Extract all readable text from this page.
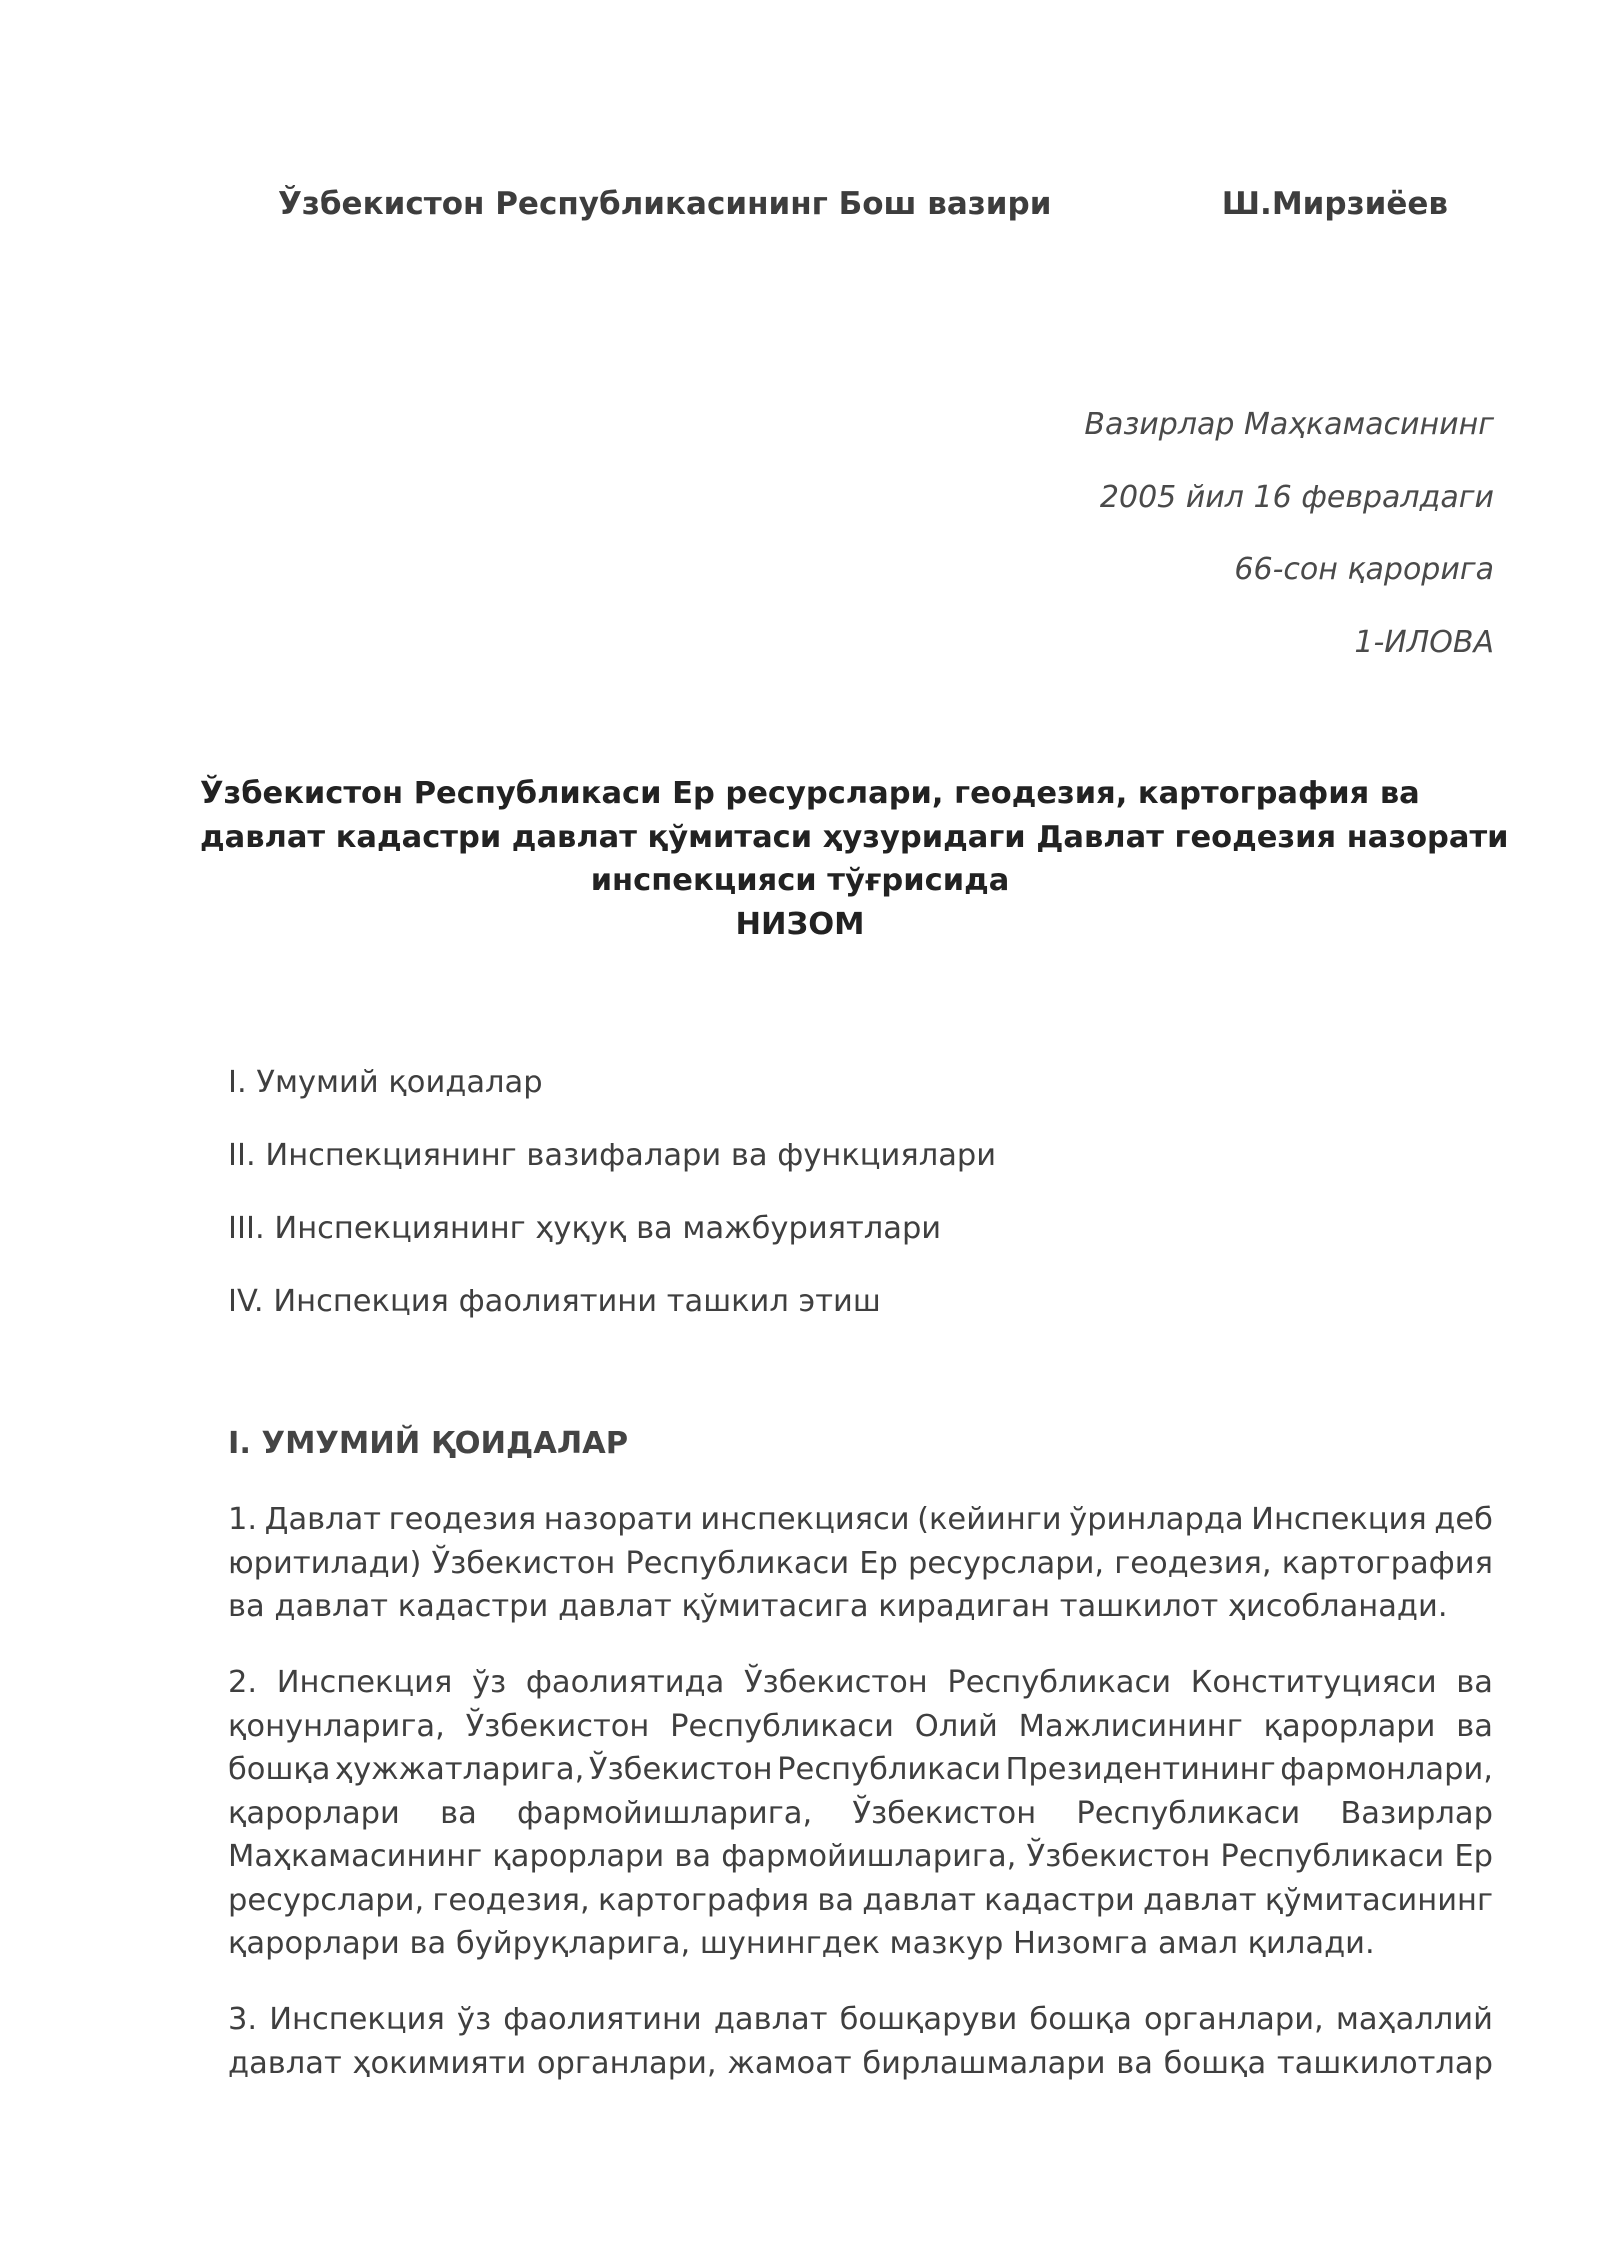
Ўзбекистон Республикасининг Бош вазири	Ш.Мирзиёев
Вазирлар Маҳкамасининг
2005 йил 16 февралдаги
66-сон қарорига
1-ИЛОВА
Ўзбекистон Республикаси Ер ресурслари, геодезия, картография ва
давлат кадастри давлат қўмитаси ҳузуридаги Давлат геодезия назорати
инспекцияси тўғрисида
НИЗОМ
I. Умумий қоидалар
II. Инспекциянинг вазифалари ва функциялари
III. Инспекциянинг ҳуқуқ ва мажбуриятлари
IV. Инспекция фаолиятини ташкил этиш
I. УМУМИЙ ҚОИДАЛАР
1. Давлат геодезия назорати инспекцияси (кейинги ўринларда Инспекция деб
юритилади) Ўзбекистон Республикаси Ер ресурслари, геодезия, картография
ва давлат кадастри давлат қўмитасига кирадиган ташкилот ҳисобланади.
2. Инспекция ўз фаолиятида Ўзбекистон Республикаси Конституцияси ва
қонунларига, Ўзбекистон Республикаси Олий Мажлисининг қарорлари ва
бошқа ҳужжатларига, Ўзбекистон Республикаси Президентининг фармонлари,
қарорлари ва фармойишларига, Ўзбекистон Республикаси Вазирлар
Маҳкамасининг қарорлари ва фармойишларига, Ўзбекистон Республикаси Ер
ресурслари, геодезия, картография ва давлат кадастри давлат қўмитасининг
қарорлари ва буйруқларига, шунингдек мазкур Низомга амал қилади.
3. Инспекция ўз фаолиятини давлат бошқаруви бошқа органлари, маҳаллий
давлат ҳокимияти органлари, жамоат бирлашмалари ва бошқа ташкилотлар
